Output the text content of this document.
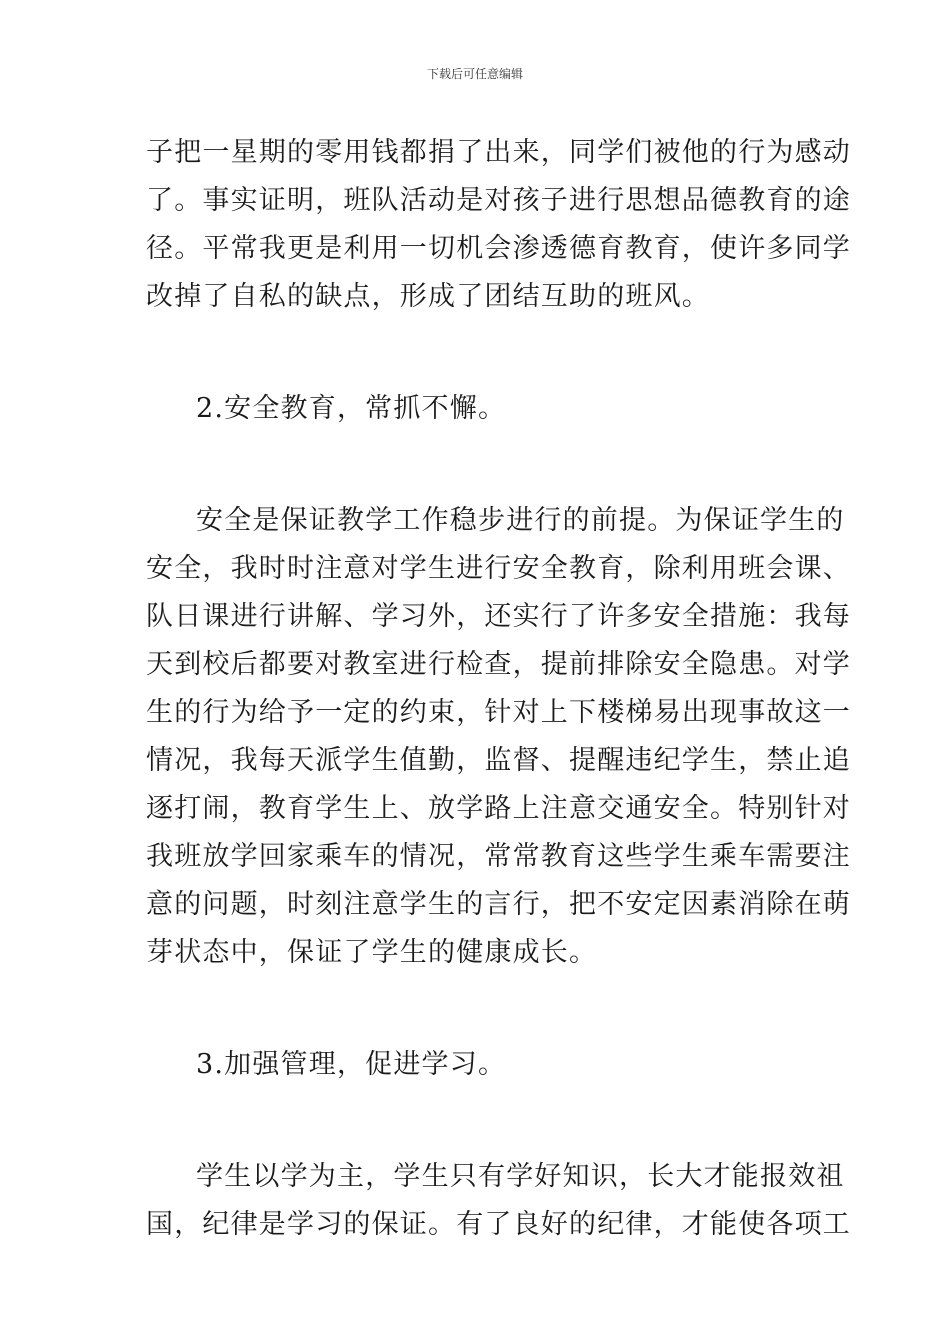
下载后可任意编辑

子把一星期的零用钱都捐了出来，同学们被他的行为感动
了。事实证明，班队活动是对孩子进行思想品德教育的途
径。平常我更是利用一切机会渗透德育教育，使许多同学
改掉了自私的缺点，形成了团结互助的班风。

2.安全教育，常抓不懈。

安全是保证教学工作稳步进行的前提。为保证学生的
安全，我时时注意对学生进行安全教育，除利用班会课、
队日课进行讲解、学习外，还实行了许多安全措施：我每
天到校后都要对教室进行检查，提前排除安全隐患。对学
生的行为给予一定的约束，针对上下楼梯易出现事故这一
情况，我每天派学生值勤，监督、提醒违纪学生，禁止追
逐打闹，教育学生上、放学路上注意交通安全。特别针对
我班放学回家乘车的情况，常常教育这些学生乘车需要注
意的问题，时刻注意学生的言行，把不安定因素消除在萌
芽状态中，保证了学生的健康成长。

3.加强管理，促进学习。

学生以学为主，学生只有学好知识，长大才能报效祖
国，纪律是学习的保证。有了良好的纪律，才能使各项工
